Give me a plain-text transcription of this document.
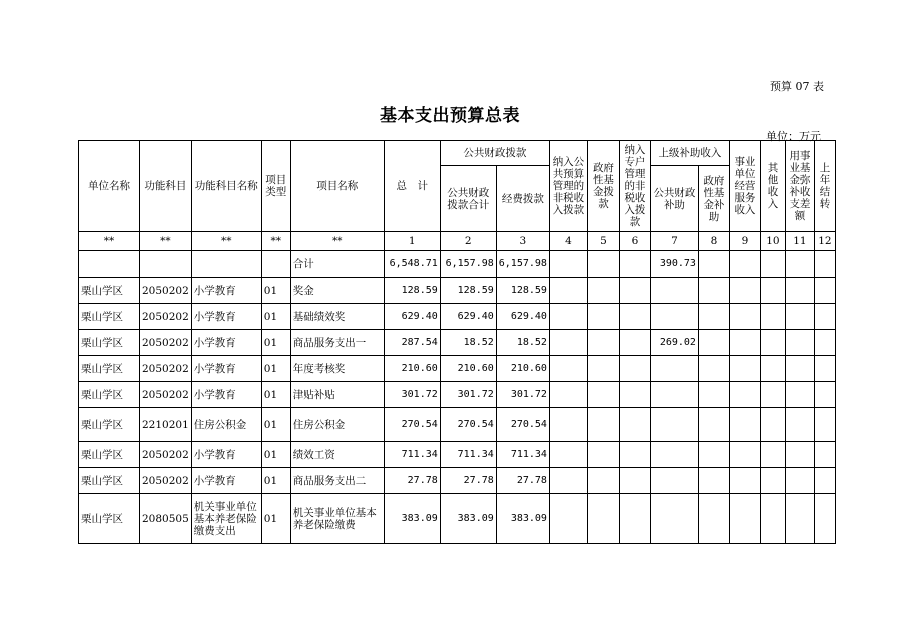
预算 07 表
基本支出预算总表
单位：万元
单位名称	功能科目	功能科目名称	项目类型	项目名称	总　计	公共财政拨款		纳入公共预算管理的非税收入拨款	政府性基金拨款	纳入专户管理的非税收入拨款	上级补助收入		事业单位经营服务收入	其他收入	用事业基金弥补收支差额	上年结转
						公共财政拨款合计	经费拨款				公共财政补助	政府性基金补助				
**	**	**	**	**	1	2	3	4	5	6	7	8	9	10	11	12
				合计	6,548.71	6,157.98	6,157.98				390.73					
栗山学区	2050202	小学教育	01	奖金	128.59	128.59	128.59									
栗山学区	2050202	小学教育	01	基础绩效奖	629.40	629.40	629.40									
栗山学区	2050202	小学教育	01	商品服务支出一	287.54	18.52	18.52				269.02					
栗山学区	2050202	小学教育	01	年度考核奖	210.60	210.60	210.60									
栗山学区	2050202	小学教育	01	津贴补贴	301.72	301.72	301.72									
栗山学区	2210201	住房公积金	01	住房公积金	270.54	270.54	270.54									
栗山学区	2050202	小学教育	01	绩效工资	711.34	711.34	711.34									
栗山学区	2050202	小学教育	01	商品服务支出二	27.78	27.78	27.78									
栗山学区	2080505	机关事业单位基本养老保险缴费支出	01	机关事业单位基本养老保险缴费	383.09	383.09	383.09									
